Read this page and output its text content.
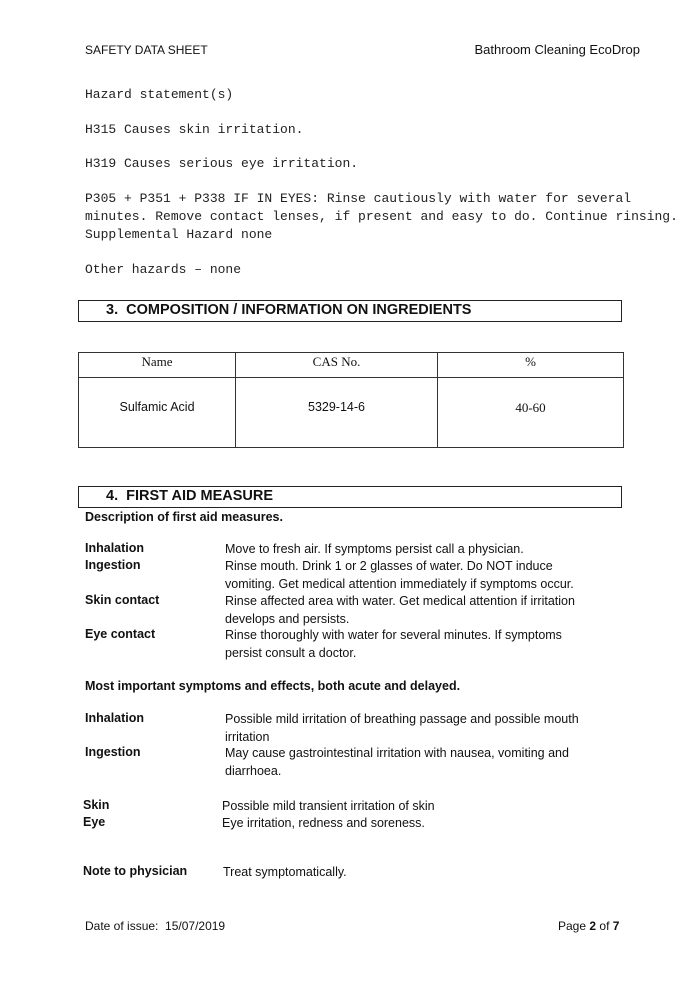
SAFETY DATA SHEET	Bathroom Cleaning EcoDrop
Hazard statement(s)
H315 Causes skin irritation.
H319 Causes serious eye irritation.
P305 + P351 + P338 IF IN EYES: Rinse cautiously with water for several
minutes. Remove contact lenses, if present and easy to do. Continue rinsing.
Supplemental Hazard none
Other hazards – none
3. COMPOSITION / INFORMATION ON INGREDIENTS
Name	CAS No.	%
Sulfamic Acid	5329-14-6	40-60
4. FIRST AID MEASURE
Description of first aid measures.
Inhalation	Move to fresh air. If symptoms persist call a physician.
Ingestion	Rinse mouth. Drink 1 or 2 glasses of water. Do NOT induce
vomiting. Get medical attention immediately if symptoms occur.
Skin contact	Rinse affected area with water. Get medical attention if irritation
develops and persists.
Eye contact	Rinse thoroughly with water for several minutes. If symptoms
persist consult a doctor.
Most important symptoms and effects, both acute and delayed.
Inhalation	Possible mild irritation of breathing passage and possible mouth
irritation
Ingestion	May cause gastrointestinal irritation with nausea, vomiting and
diarrhoea.
Skin	Possible mild transient irritation of skin
Eye	Eye irritation, redness and soreness.
Note to physician	Treat symptomatically.
Date of issue: 15/07/2019	Page 2 of 7
